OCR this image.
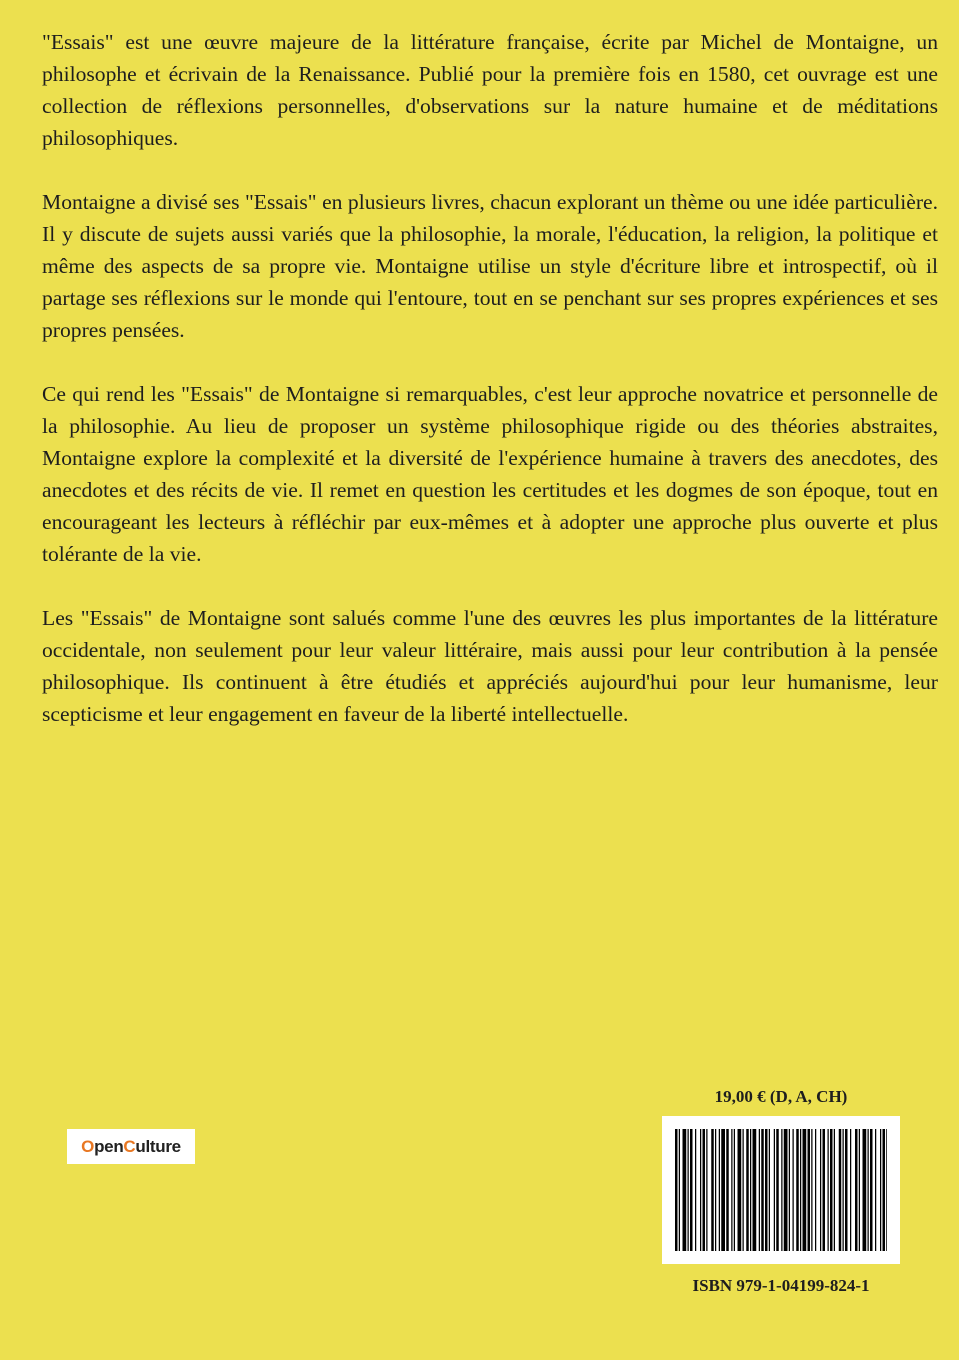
"Essais" est une œuvre majeure de la littérature française, écrite par Michel de Montaigne, un philosophe et écrivain de la Renaissance. Publié pour la première fois en 1580, cet ouvrage est une collection de réflexions personnelles, d'observations sur la nature humaine et de méditations philosophiques.

Montaigne a divisé ses "Essais" en plusieurs livres, chacun explorant un thème ou une idée particulière. Il y discute de sujets aussi variés que la philosophie, la morale, l'éducation, la religion, la politique et même des aspects de sa propre vie. Montaigne utilise un style d'écriture libre et introspectif, où il partage ses réflexions sur le monde qui l'entoure, tout en se penchant sur ses propres expériences et ses propres pensées.

Ce qui rend les "Essais" de Montaigne si remarquables, c'est leur approche novatrice et personnelle de la philosophie. Au lieu de proposer un système philosophique rigide ou des théories abstraites, Montaigne explore la complexité et la diversité de l'expérience humaine à travers des anecdotes, des anecdotes et des récits de vie. Il remet en question les certitudes et les dogmes de son époque, tout en encourageant les lecteurs à réfléchir par eux-mêmes et à adopter une approche plus ouverte et plus tolérante de la vie.

Les "Essais" de Montaigne sont salués comme l'une des œuvres les plus importantes de la littérature occidentale, non seulement pour leur valeur littéraire, mais aussi pour leur contribution à la pensée philosophique. Ils continuent à être étudiés et appréciés aujourd'hui pour leur humanisme, leur scepticisme et leur engagement en faveur de la liberté intellectuelle.

O pen C ulture
19,00 € (D, A, CH)
ISBN 979-1-04199-824-1
